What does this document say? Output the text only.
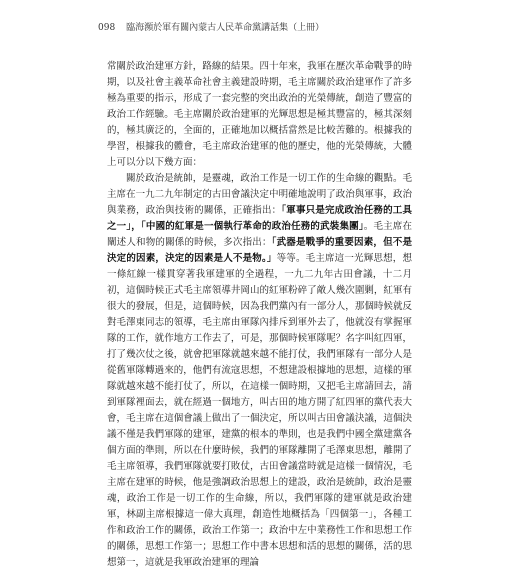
098 臨海瀕於軍有關內蒙古人民革命黨講話集（上冊）

常關於政治建軍方針，路線的結果。四十年來，我軍在歷次革命戰爭的時期，以及社會主義革命社會主義建設時期，毛主席關於政治建軍作了許多極為重要的指示，形成了一套完整的突出政治的光榮傳統，創造了豐富的政治工作經驗。毛主席關於政治建軍的光輝思想是極其豐富的，極其深刻的，極其廣泛的，全面的，正確地加以概括當然是比較苦難的。根據我的學習，根據我的體會，毛主席政治建軍的他的歷史，他的光榮傳統，大體上可以分以下幾方面：

關於政治是統帥，是靈魂，政治工作是一切工作的生命線的觀點。毛主席在一九二九年制定的古田會議決定中明確地說明了政治與軍事，政治與業務，政治與技術的關係，正確指出：「軍事只是完成政治任務的工具之一」，「中國的紅軍是一個執行革命的政治任務的武裝集團」。毛主席在闡述人和物的關係的時候，多次指出：「武器是戰爭的重要因素，但不是決定的因素，決定的因素是人不是物。」等等。毛主席這一光輝思想，想一條紅線一樣貫穿著我軍建軍的全過程，一九二九年古田會議，十二月初，這個時候正式毛主席領導井岡山的紅軍粉碎了敵人幾次圍剿，紅軍有很大的發展，但是，這個時候，因為我們黨內有一部分人，那個時候就反對毛澤東同志的領導，毛主席由軍隊內排斥到軍外去了，他就沒有掌握軍隊的工作，就作地方工作去了，可是，那個時候軍隊呢？名字叫紅四軍，打了幾次仗之後，就會把軍隊就越來越不能打仗，我們軍隊有一部分人是從舊軍隊轉過來的，他們有流寇思想，不想建設根據地的思想，這樣的軍隊就越來越不能打仗了，所以，在這樣一個時期，又把毛主席請回去，請到軍隊裡面去，就在經過一個地方，叫古田的地方開了紅四軍的黨代表大會，毛主席在這個會議上做出了一個決定，所以叫古田會議決議，這個決議不僅是我們軍隊的建軍，建黨的根本的準則，也是我們中國全黨建黨各個方面的準則，所以在什麼時候，我們的軍隊離開了毛澤東思想，離開了毛主席領導，我們軍隊就要打敗仗，古田會議當時就是這樣一個情況，毛主席在建軍的時候，他是強調政治思想上的建設，政治是統帥，政治是靈魂，政治工作是一切工作的生命線，所以，我們軍隊的建軍就是政治建軍，林副主席根據這一偉大真理，創造性地概括為「四個第一」，各種工作和政治工作的關係，政治工作第一；政治中左中業務性工作和思想工作的關係，思想工作第一；思想工作中書本思想和活的思想的關係，活的思想第一，這就是我軍政治建軍的理論
